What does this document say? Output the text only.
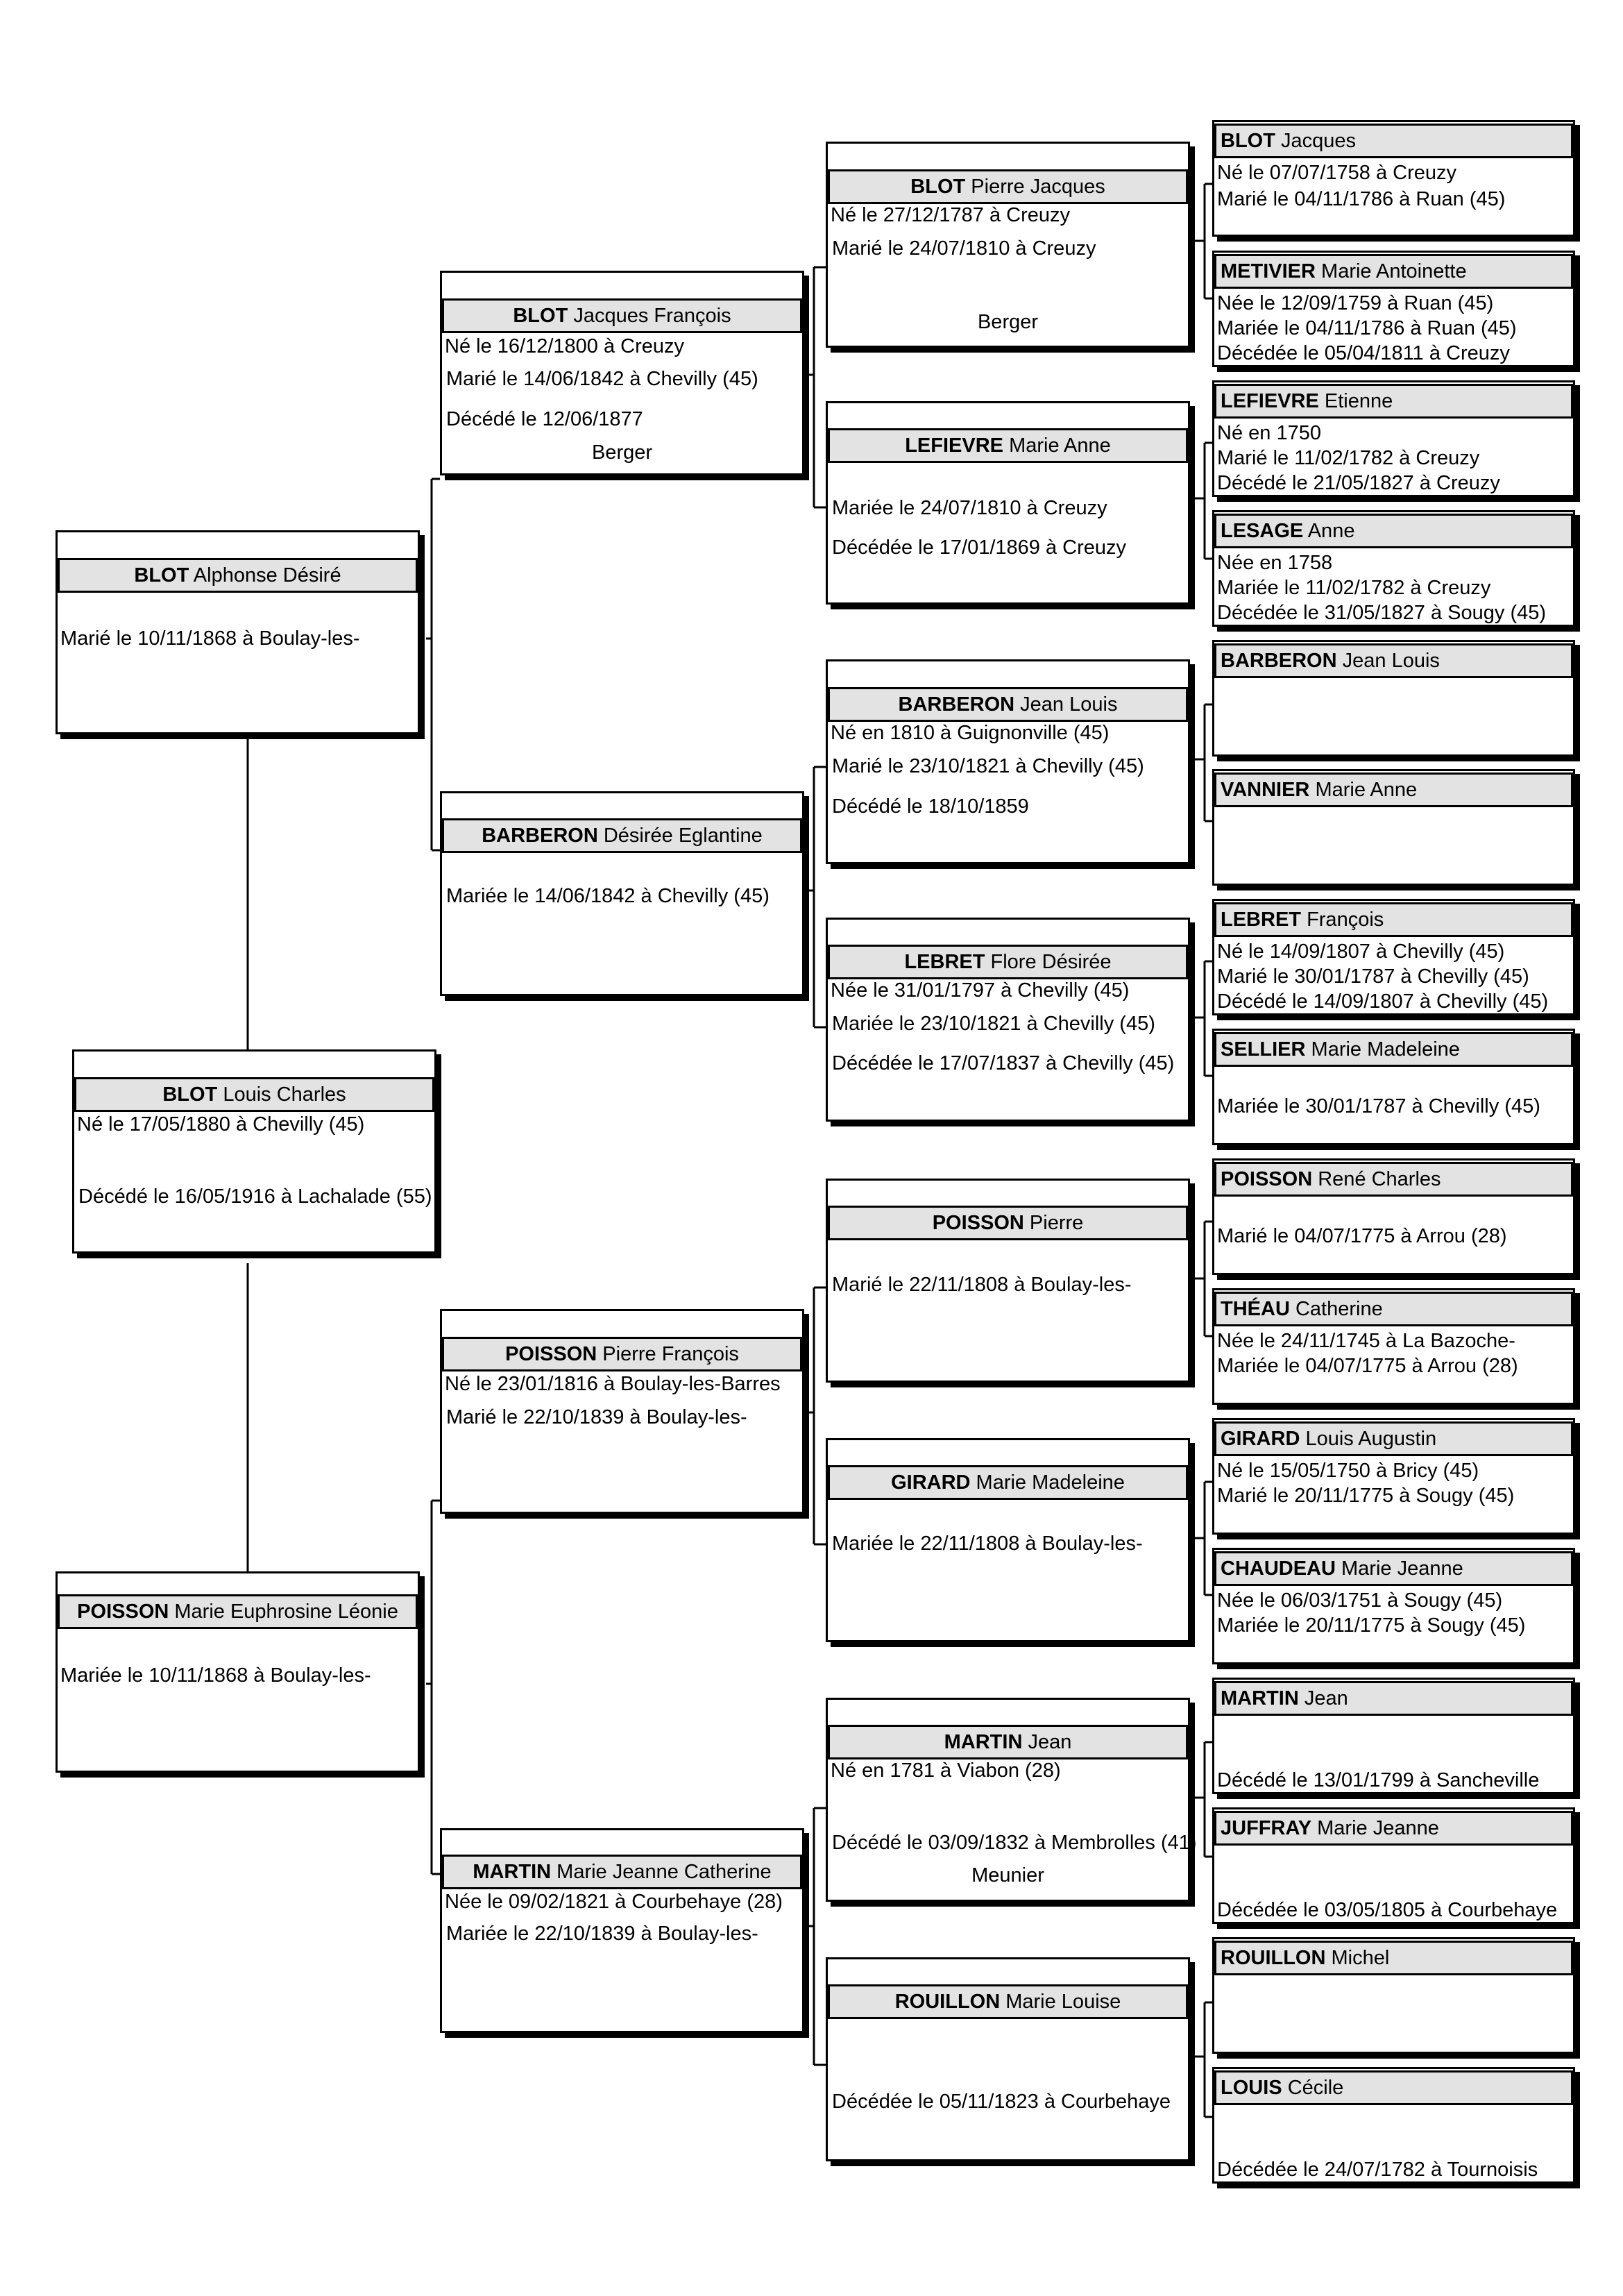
BLOT Louis Charles
Né le 17/05/1880 à Chevilly (45)
Décédé le 16/05/1916 à Lachalade (55)
BLOT Alphonse Désiré
Marié le 10/11/1868 à Boulay-les-
POISSON Marie Euphrosine Léonie
Mariée le 10/11/1868 à Boulay-les-
BLOT Jacques François
Né le 16/12/1800 à Creuzy
Marié le 14/06/1842 à Chevilly (45)
Décédé le 12/06/1877
Berger
BARBERON Désirée Eglantine
Mariée le 14/06/1842 à Chevilly (45)
POISSON Pierre François
Né le 23/01/1816 à Boulay-les-Barres
Marié le 22/10/1839 à Boulay-les-
MARTIN Marie Jeanne Catherine
Née le 09/02/1821 à Courbehaye (28)
Mariée le 22/10/1839 à Boulay-les-
BLOT Pierre Jacques
Né le 27/12/1787 à Creuzy
Marié le 24/07/1810 à Creuzy
Berger
LEFIEVRE Marie Anne
Mariée le 24/07/1810 à Creuzy
Décédée le 17/01/1869 à Creuzy
BARBERON Jean Louis
Né en 1810 à Guignonville (45)
Marié le 23/10/1821 à Chevilly (45)
Décédé le 18/10/1859
LEBRET Flore Désirée
Née le 31/01/1797 à Chevilly (45)
Mariée le 23/10/1821 à Chevilly (45)
Décédée le 17/07/1837 à Chevilly (45)
POISSON Pierre
Marié le 22/11/1808 à Boulay-les-
GIRARD Marie Madeleine
Mariée le 22/11/1808 à Boulay-les-
MARTIN Jean
Né en 1781 à Viabon (28)
Décédé le 03/09/1832 à Membrolles (41)
Meunier
ROUILLON Marie Louise
Décédée le 05/11/1823 à Courbehaye
BLOT Jacques
Né le 07/07/1758 à Creuzy
Marié le 04/11/1786 à Ruan (45)
METIVIER Marie Antoinette
Née le 12/09/1759 à Ruan (45)
Mariée le 04/11/1786 à Ruan (45)
Décédée le 05/04/1811 à Creuzy
LEFIEVRE Etienne
Né en 1750
Marié le 11/02/1782 à Creuzy
Décédé le 21/05/1827 à Creuzy
LESAGE Anne
Née en 1758
Mariée le 11/02/1782 à Creuzy
Décédée le 31/05/1827 à Sougy (45)
BARBERON Jean Louis
VANNIER Marie Anne
LEBRET François
Né le 14/09/1807 à Chevilly (45)
Marié le 30/01/1787 à Chevilly (45)
Décédé le 14/09/1807 à Chevilly (45)
SELLIER Marie Madeleine
Mariée le 30/01/1787 à Chevilly (45)
POISSON René Charles
Marié le 04/07/1775 à Arrou (28)
THÉAU Catherine
Née le 24/11/1745 à La Bazoche-
Mariée le 04/07/1775 à Arrou (28)
GIRARD Louis Augustin
Né le 15/05/1750 à Bricy (45)
Marié le 20/11/1775 à Sougy (45)
CHAUDEAU Marie Jeanne
Née le 06/03/1751 à Sougy (45)
Mariée le 20/11/1775 à Sougy (45)
MARTIN Jean
Décédé le 13/01/1799 à Sancheville
JUFFRAY Marie Jeanne
Décédée le 03/05/1805 à Courbehaye
ROUILLON Michel
LOUIS Cécile
Décédée le 24/07/1782 à Tournoisis
